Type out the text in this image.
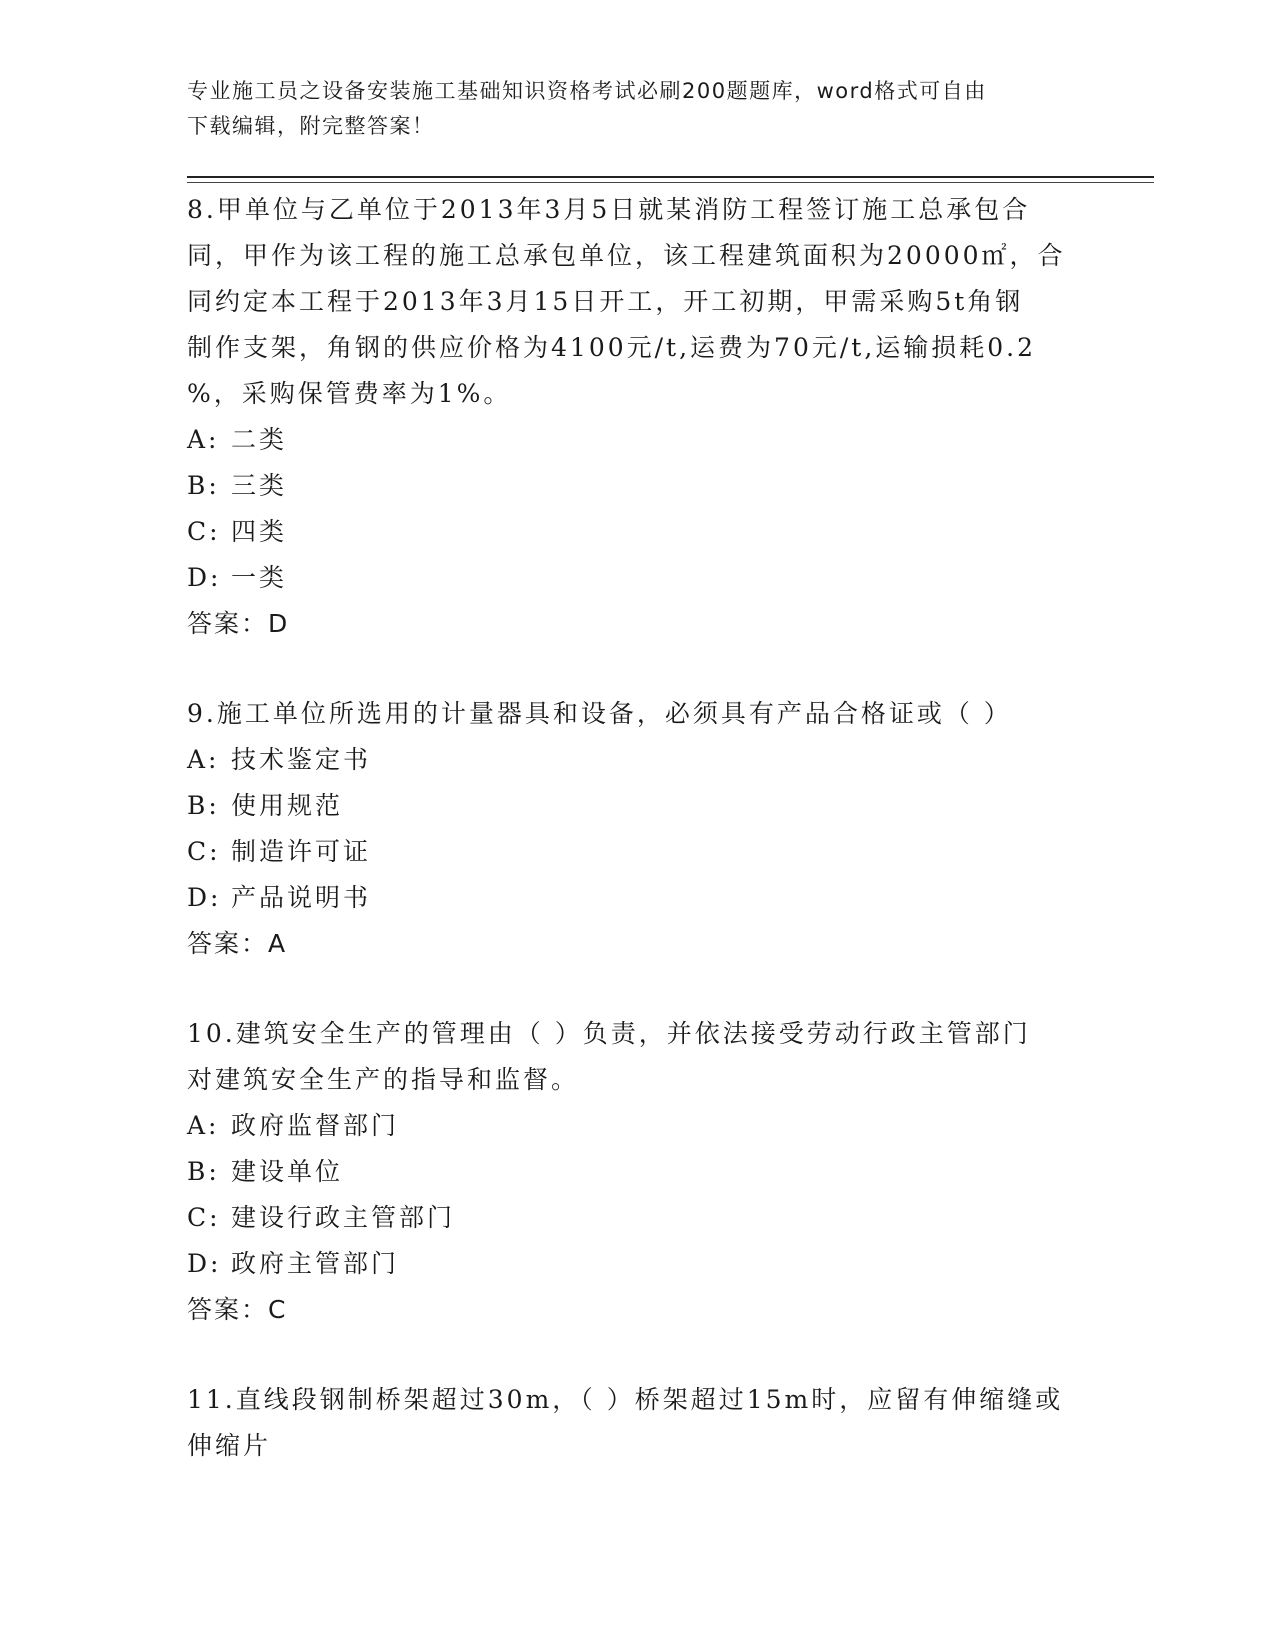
专业施工员之设备安装施工基础知识资格考试必刷200题题库，word格式可自由
下载编辑，附完整答案！

8.甲单位与乙单位于2013年3月5日就某消防工程签订施工总承包合

同，甲作为该工程的施工总承包单位，该工程建筑面积为20000㎡，合

同约定本工程于2013年3月15日开工，开工初期，甲需采购5t角钢

制作支架，角钢的供应价格为4100元/t,运费为70元/t,运输损耗0.2

%，采购保管费率为1%。

A: 二类

B: 三类

C: 四类

D: 一类

答案：D

9.施工单位所选用的计量器具和设备，必须具有产品合格证或（ ）

A: 技术鉴定书

B: 使用规范

C: 制造许可证

D: 产品说明书

答案：A

10.建筑安全生产的管理由（ ）负责，并依法接受劳动行政主管部门

对建筑安全生产的指导和监督。

A: 政府监督部门

B: 建设单位

C: 建设行政主管部门

D: 政府主管部门

答案：C

11.直线段钢制桥架超过30m，（ ）桥架超过15m时，应留有伸缩缝或

伸缩片
